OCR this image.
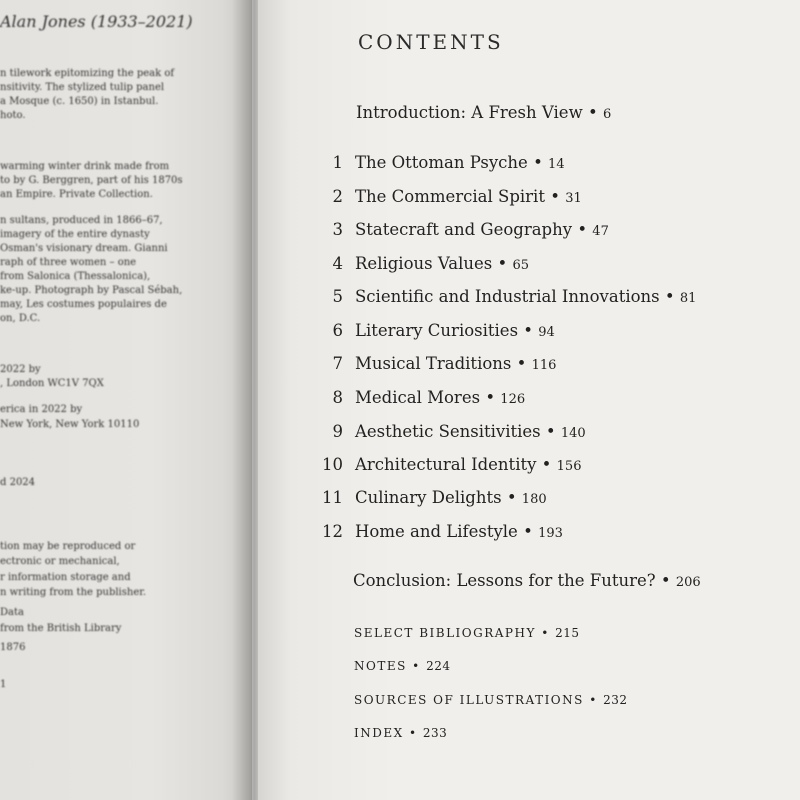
Alan Jones (1933–2021)
n tilework epitomizing the peak of
nsitivity. The stylized tulip panel
a Mosque (c. 1650) in Istanbul.
hoto.
warming winter drink made from
to by G. Berggren, part of his 1870s
an Empire. Private Collection.
n sultans, produced in 1866–67,
imagery of the entire dynasty
Osman's visionary dream. Gianni
raph of three women – one
from Salonica (Thessalonica),
ke-up. Photograph by Pascal Sébah,
may, Les costumes populaires de
on, D.C.
2022 by
, London WC1V 7QX
erica in 2022 by
New York, New York 10110
d 2024
tion may be reproduced or
ectronic or mechanical,
r information storage and
n writing from the publisher.
Data
from the British Library
1876
1
CONTENTS
Introduction: A Fresh View • 6
1 The Ottoman Psyche • 14
2 The Commercial Spirit • 31
3 Statecraft and Geography • 47
4 Religious Values • 65
5 Scientific and Industrial Innovations • 81
6 Literary Curiosities • 94
7 Musical Traditions • 116
8 Medical Mores • 126
9 Aesthetic Sensitivities • 140
10 Architectural Identity • 156
11 Culinary Delights • 180
12 Home and Lifestyle • 193
Conclusion: Lessons for the Future? • 206
SELECT BIBLIOGRAPHY • 215
NOTES • 224
SOURCES OF ILLUSTRATIONS • 232
INDEX • 233
